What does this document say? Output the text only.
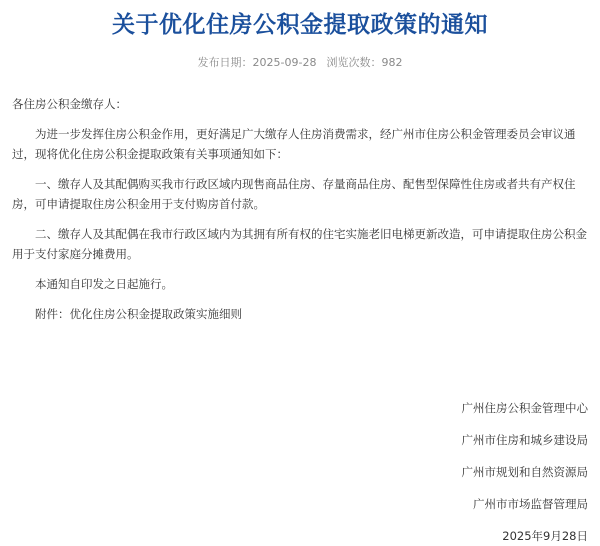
关于优化住房公积金提取政策的通知
发布日期：2025-09-28 浏览次数：982
各住房公积金缴存人：
为进一步发挥住房公积金作用，更好满足广大缴存人住房消费需求，经广州市住房公积金管理委员会审议通过，现将优化住房公积金提取政策有关事项通知如下：
一、缴存人及其配偶购买我市行政区域内现售商品住房、存量商品住房、配售型保障性住房或者共有产权住房，可申请提取住房公积金用于支付购房首付款。
二、缴存人及其配偶在我市行政区域内为其拥有所有权的住宅实施老旧电梯更新改造，可申请提取住房公积金用于支付家庭分摊费用。
本通知自印发之日起施行。
附件：优化住房公积金提取政策实施细则
广州住房公积金管理中心
广州市住房和城乡建设局
广州市规划和自然资源局
广州市市场监督管理局
2025年9月28日
